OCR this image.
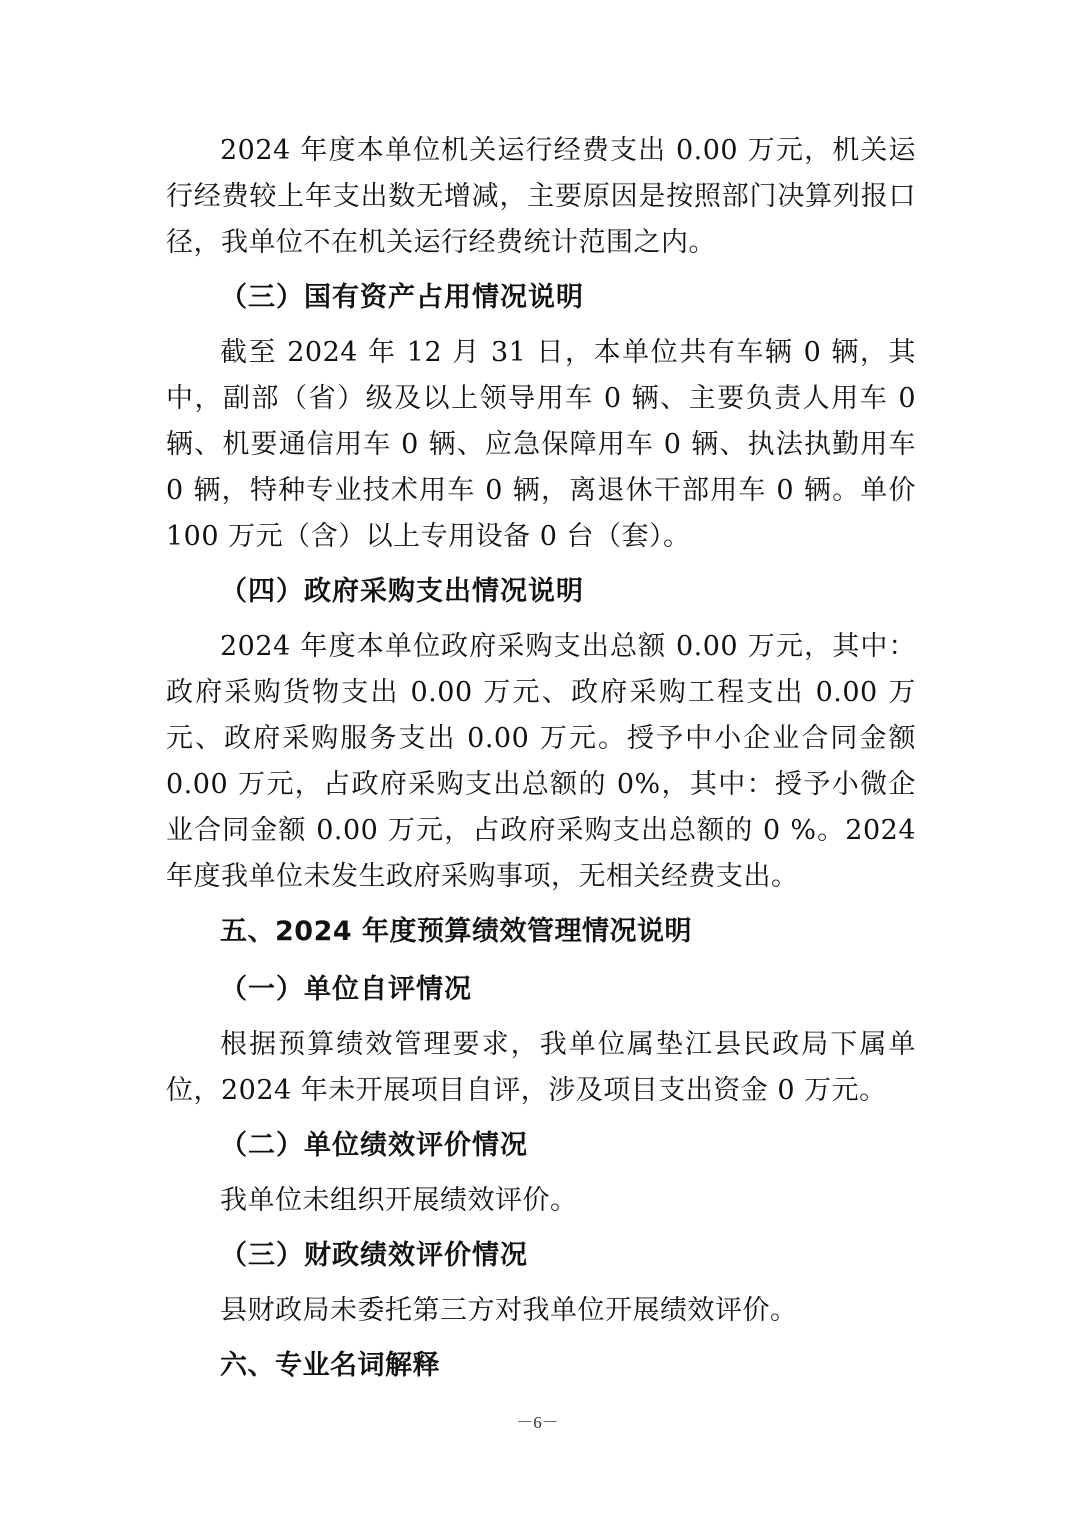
2024 年度本单位机关运行经费支出 0.00 万元，机关运行经费较上年支出数无增减，主要原因是按照部门决算列报口径，我单位不在机关运行经费统计范围之内。

（三）国有资产占用情况说明

截至 2024 年 12 月 31 日，本单位共有车辆 0 辆，其中，副部（省）级及以上领导用车 0 辆、主要负责人用车 0 辆、机要通信用车 0 辆、应急保障用车 0 辆、执法执勤用车 0 辆，特种专业技术用车 0 辆，离退休干部用车 0 辆。单价 100 万元（含）以上专用设备 0 台（套）。

（四）政府采购支出情况说明

2024 年度本单位政府采购支出总额 0.00 万元，其中：政府采购货物支出 0.00 万元、政府采购工程支出 0.00 万元、政府采购服务支出 0.00 万元。授予中小企业合同金额 0.00 万元，占政府采购支出总额的 0%，其中：授予小微企业合同金额 0.00 万元，占政府采购支出总额的 0 %。2024 年度我单位未发生政府采购事项，无相关经费支出。

五、2024 年度预算绩效管理情况说明

（一）单位自评情况

根据预算绩效管理要求，我单位属垫江县民政局下属单位，2024 年未开展项目自评，涉及项目支出资金 0 万元。

（二）单位绩效评价情况

我单位未组织开展绩效评价。

（三）财政绩效评价情况

县财政局未委托第三方对我单位开展绩效评价。

六、专业名词解释

－6－
